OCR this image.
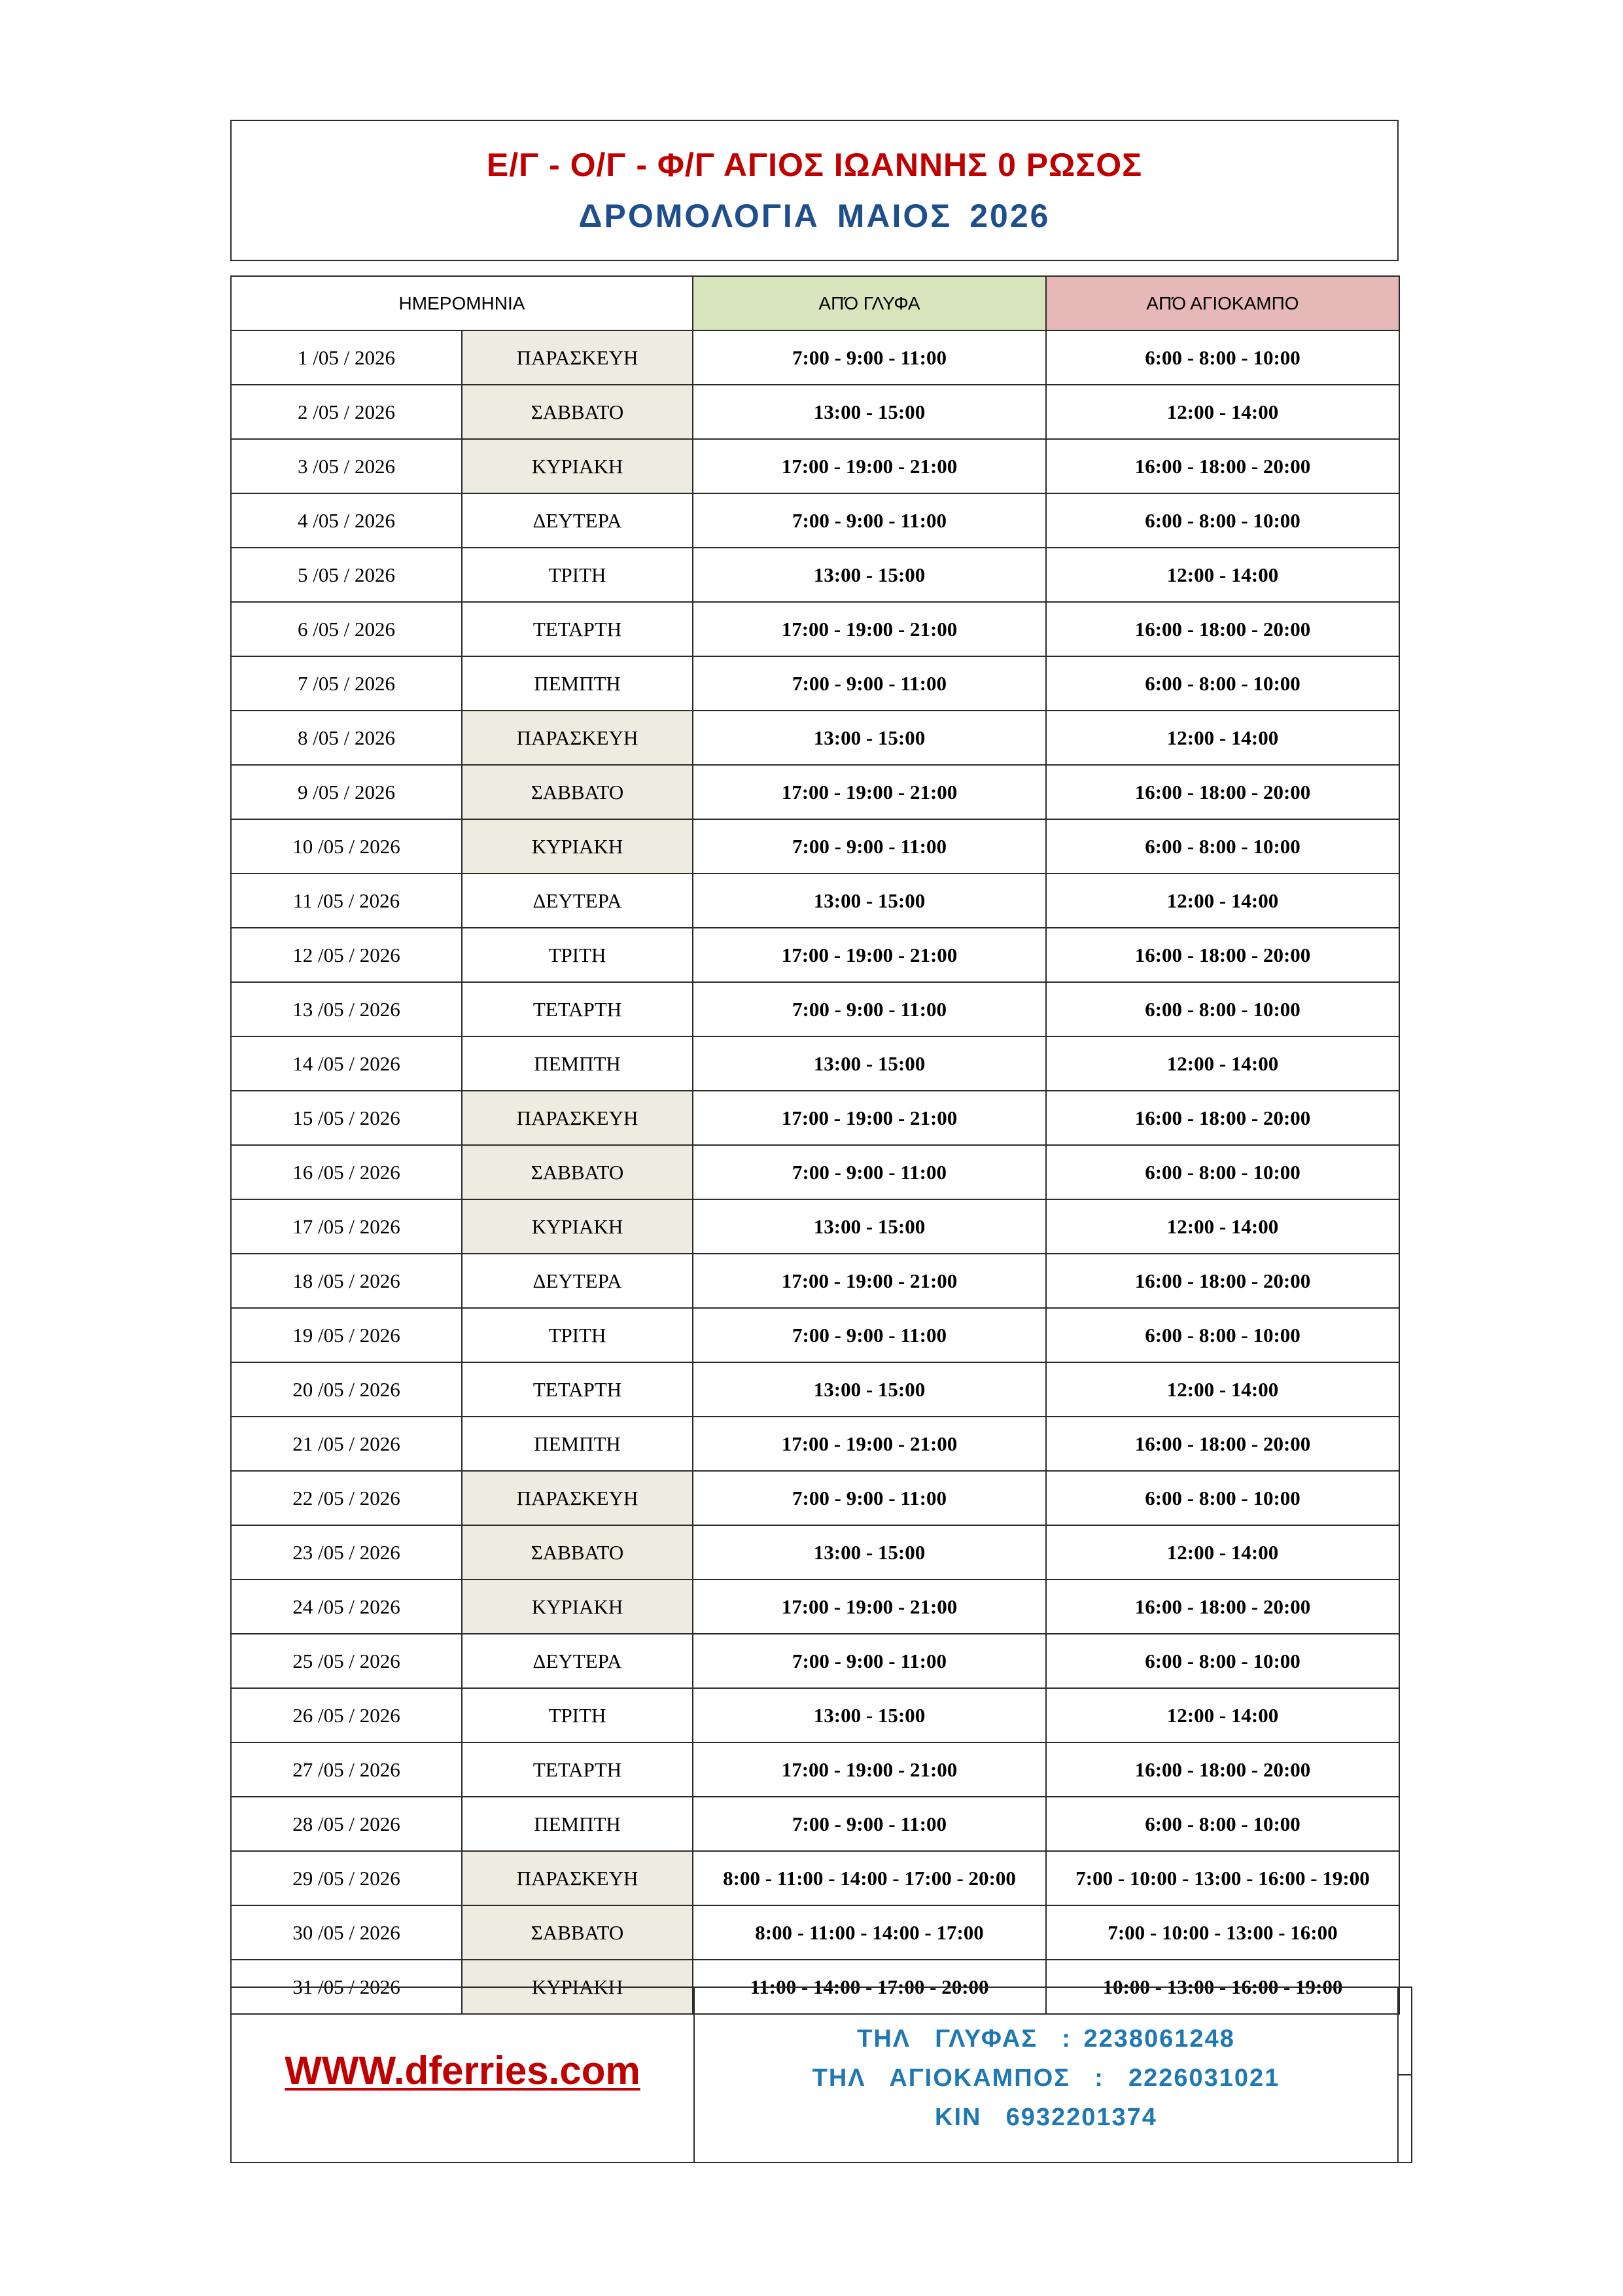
Ε/Γ - Ο/Γ - Φ/Γ ΑΓΙΟΣ ΙΩΑΝΝΗΣ 0 ΡΩΣΟΣ
ΔΡΟΜΟΛΟΓΙΑ ΜΑΙΟΣ 2026
ΗΜΕΡΟΜΗΝΙΑ		ΑΠΌ ΓΛΥΦΑ	ΑΠΌ ΑΓΙΟΚΑΜΠΟ
1 /05 / 2026	ΠΑΡΑΣΚΕΥΗ	7:00 - 9:00 - 11:00	6:00 - 8:00 - 10:00
2 /05 / 2026	ΣΑΒΒΑΤΟ	13:00 - 15:00	12:00 - 14:00
3 /05 / 2026	ΚΥΡΙΑΚΗ	17:00 - 19:00 - 21:00	16:00 - 18:00 - 20:00
4 /05 / 2026	ΔΕΥΤΕΡΑ	7:00 - 9:00 - 11:00	6:00 - 8:00 - 10:00
5 /05 / 2026	ΤΡΙΤΗ	13:00 - 15:00	12:00 - 14:00
6 /05 / 2026	ΤΕΤΑΡΤΗ	17:00 - 19:00 - 21:00	16:00 - 18:00 - 20:00
7 /05 / 2026	ΠΕΜΠΤΗ	7:00 - 9:00 - 11:00	6:00 - 8:00 - 10:00
8 /05 / 2026	ΠΑΡΑΣΚΕΥΗ	13:00 - 15:00	12:00 - 14:00
9 /05 / 2026	ΣΑΒΒΑΤΟ	17:00 - 19:00 - 21:00	16:00 - 18:00 - 20:00
10 /05 / 2026	ΚΥΡΙΑΚΗ	7:00 - 9:00 - 11:00	6:00 - 8:00 - 10:00
11 /05 / 2026	ΔΕΥΤΕΡΑ	13:00 - 15:00	12:00 - 14:00
12 /05 / 2026	ΤΡΙΤΗ	17:00 - 19:00 - 21:00	16:00 - 18:00 - 20:00
13 /05 / 2026	ΤΕΤΑΡΤΗ	7:00 - 9:00 - 11:00	6:00 - 8:00 - 10:00
14 /05 / 2026	ΠΕΜΠΤΗ	13:00 - 15:00	12:00 - 14:00
15 /05 / 2026	ΠΑΡΑΣΚΕΥΗ	17:00 - 19:00 - 21:00	16:00 - 18:00 - 20:00
16 /05 / 2026	ΣΑΒΒΑΤΟ	7:00 - 9:00 - 11:00	6:00 - 8:00 - 10:00
17 /05 / 2026	ΚΥΡΙΑΚΗ	13:00 - 15:00	12:00 - 14:00
18 /05 / 2026	ΔΕΥΤΕΡΑ	17:00 - 19:00 - 21:00	16:00 - 18:00 - 20:00
19 /05 / 2026	ΤΡΙΤΗ	7:00 - 9:00 - 11:00	6:00 - 8:00 - 10:00
20 /05 / 2026	ΤΕΤΑΡΤΗ	13:00 - 15:00	12:00 - 14:00
21 /05 / 2026	ΠΕΜΠΤΗ	17:00 - 19:00 - 21:00	16:00 - 18:00 - 20:00
22 /05 / 2026	ΠΑΡΑΣΚΕΥΗ	7:00 - 9:00 - 11:00	6:00 - 8:00 - 10:00
23 /05 / 2026	ΣΑΒΒΑΤΟ	13:00 - 15:00	12:00 - 14:00
24 /05 / 2026	ΚΥΡΙΑΚΗ	17:00 - 19:00 - 21:00	16:00 - 18:00 - 20:00
25 /05 / 2026	ΔΕΥΤΕΡΑ	7:00 - 9:00 - 11:00	6:00 - 8:00 - 10:00
26 /05 / 2026	ΤΡΙΤΗ	13:00 - 15:00	12:00 - 14:00
27 /05 / 2026	ΤΕΤΑΡΤΗ	17:00 - 19:00 - 21:00	16:00 - 18:00 - 20:00
28 /05 / 2026	ΠΕΜΠΤΗ	7:00 - 9:00 - 11:00	6:00 - 8:00 - 10:00
29 /05 / 2026	ΠΑΡΑΣΚΕΥΗ	8:00 - 11:00 - 14:00 - 17:00 - 20:00	7:00 - 10:00 - 13:00 - 16:00 - 19:00
30 /05 / 2026	ΣΑΒΒΑΤΟ	8:00 - 11:00 - 14:00 - 17:00	7:00 - 10:00 - 13:00 - 16:00
31 /05 / 2026	ΚΥΡΙΑΚΗ	11:00 - 14:00 - 17:00 - 20:00	10:00 - 13:00 - 16:00 - 19:00
WWW.dferries.com
ΤΗΛ  ΓΛΥΦΑΣ  : 2238061248
ΤΗΛ  ΑΓΙΟΚΑΜΠΟΣ  :  2226031021
ΚΙΝ  6932201374
